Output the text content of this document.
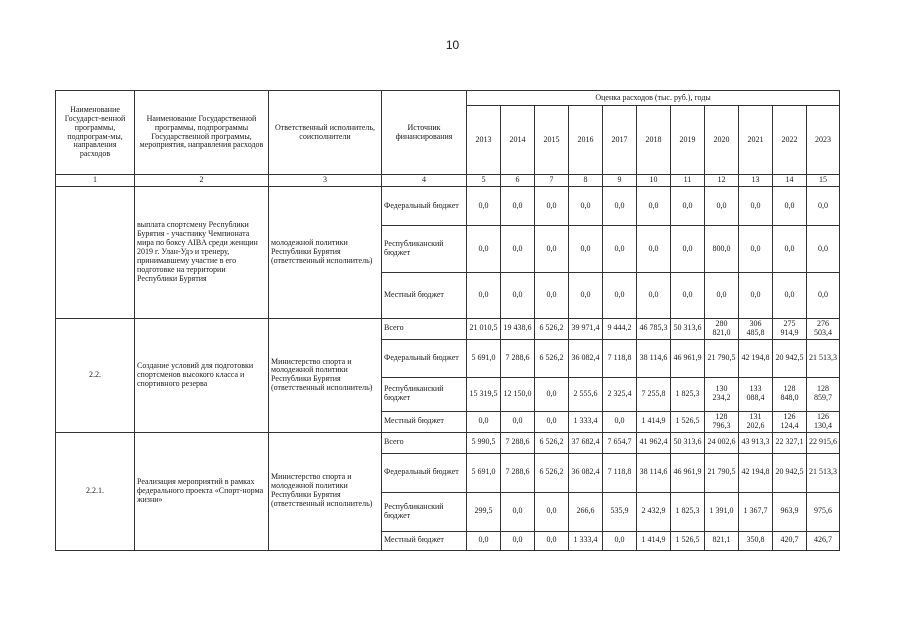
10
Наименование Государст-венной программы, подпрограм-мы, направления расходов	Наименование Государственной программы, подпрограммы Государственной программы, мероприятия, направления расходов	Ответственный исполнитель, соисполнители	Источник финансирования	Оценка расходов (тыс. руб.), годы										
				2013	2014	2015	2016	2017	2018	2019	2020	2021	2022	2023
1	2	3	4	5	6	7	8	9	10	11	12	13	14	15
	выплата спортсмену Республики Бурятия - участнику Чемпионата мира по боксу AIBA среди женщин 2019 г. Улан-Удэ и тренеру, принимавшему участие в его подготовке на территории Республики Бурятия	молодежной политики Республики Бурятия (ответственный исполнитель)	Федеральный бюджет	0,0	0,0	0,0	0,0	0,0	0,0	0,0	0,0	0,0	0,0	0,0
			Республиканский бюджет	0,0	0,0	0,0	0,0	0,0	0,0	0,0	800,0	0,0	0,0	0,0
			Местный бюджет	0,0	0,0	0,0	0,0	0,0	0,0	0,0	0,0	0,0	0,0	0,0
2.2.	Создание условий для подготовки спортсменов высокого класса и спортивного резерва	Министерство спорта и молодежной политики Республики Бурятия (ответственный исполнитель)	Всего	21 010,5	19 438,6	6 526,2	39 971,4	9 444,2	46 785,3	50 313,6	280 821,0	306 485,8	275 914,9	276 503,4
			Федеральный бюджет	5 691,0	7 288,6	6 526,2	36 082,4	7 118,8	38 114,6	46 961,9	21 790,5	42 194,8	20 942,5	21 513,3
			Республиканский бюджет	15 319,5	12 150,0	0,0	2 555,6	2 325,4	7 255,8	1 825,3	130 234,2	133 088,4	128 848,0	128 859,7
			Местный бюджет	0,0	0,0	0,0	1 333,4	0,0	1 414,9	1 526,5	128 796,3	131 202,6	126 124,4	126 130,4
2.2.1.	Реализация мероприятий в рамках федерального проекта «Спорт-норма жизни»	Министерство спорта и молодежной политики Республики Бурятия (ответственный исполнитель)	Всего	5 990,5	7 288,6	6 526,2	37 682,4	7 654,7	41 962,4	50 313,6	24 002,6	43 913,3	22 327,1	22 915,6
			Федеральный бюджет	5 691,0	7 288,6	6 526,2	36 082,4	7 118,8	38 114,6	46 961,9	21 790,5	42 194,8	20 942,5	21 513,3
			Республиканский бюджет	299,5	0,0	0,0	266,6	535,9	2 432,9	1 825,3	1 391,0	1 367,7	963,9	975,6
			Местный бюджет	0,0	0,0	0,0	1 333,4	0,0	1 414,9	1 526,5	821,1	350,8	420,7	426,7
